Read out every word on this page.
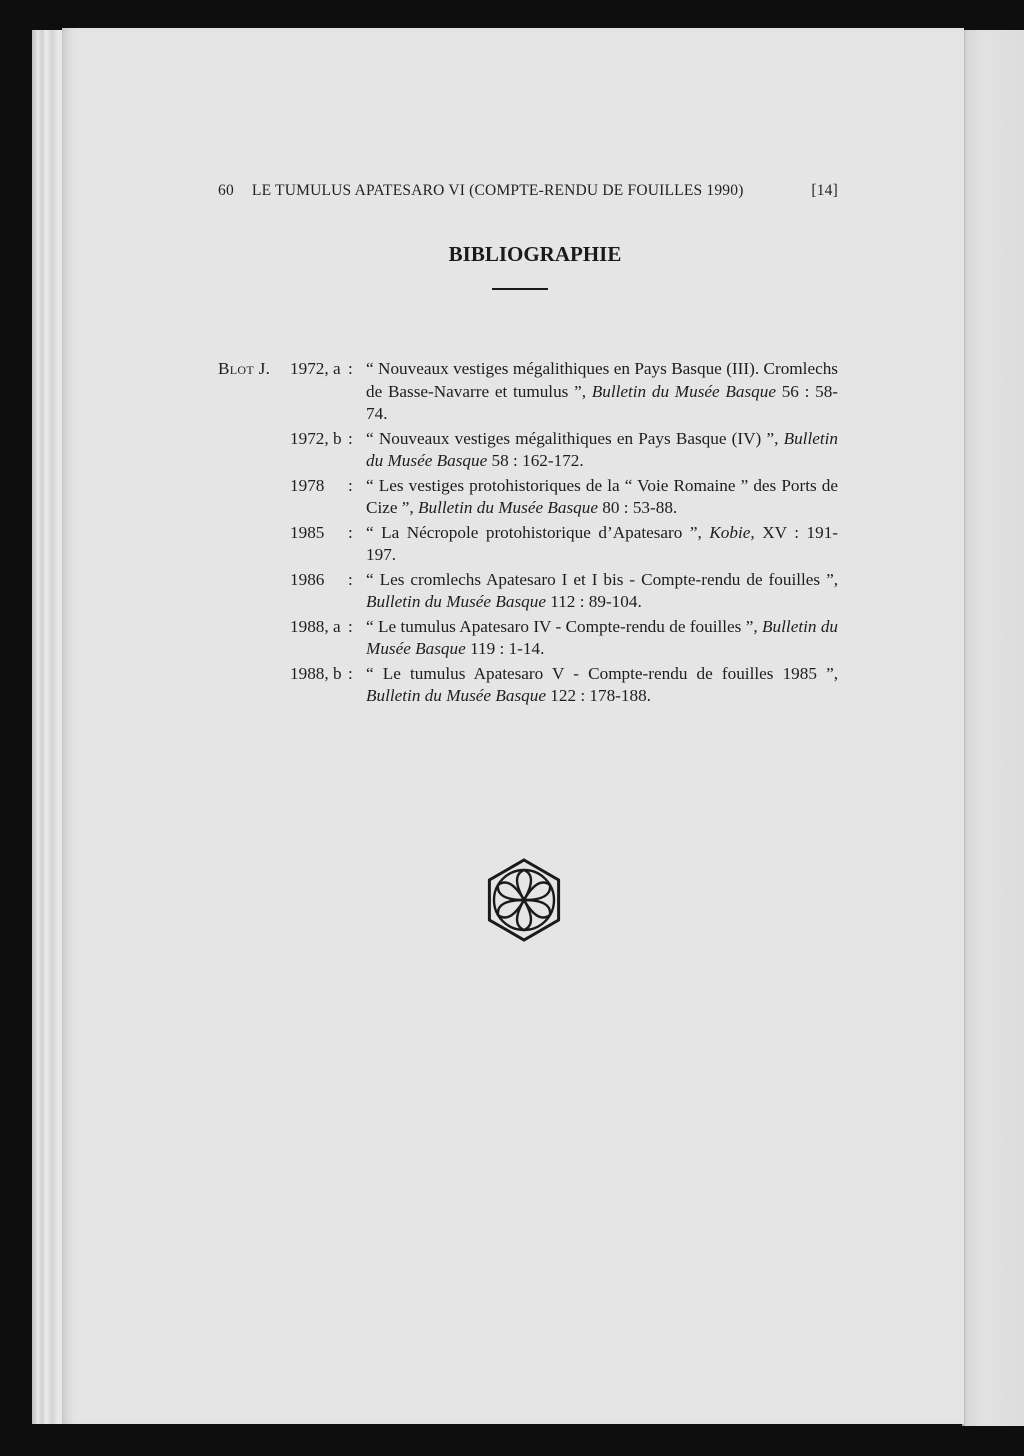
60 LE TUMULUS APATESARO VI (COMPTE-RENDU DE FOUILLES 1990)	[14]
BIBLIOGRAPHIE
Blot J.	1972, a : “ Nouveaux vestiges mégalithiques en Pays Basque (III). Cromlechs de Basse-Navarre et tumulus ”, Bulletin du Musée Basque 56 : 58-74.
1972, b : “ Nouveaux vestiges mégalithiques en Pays Basque (IV) ”, Bulletin du Musée Basque 58 : 162-172.
1978	: “ Les vestiges protohistoriques de la “ Voie Romaine ” des Ports de Cize ”, Bulletin du Musée Basque 80 : 53-88.
1985	: “ La Nécropole protohistorique d’Apatesaro ”, Kobie, XV : 191-197.
1986	: “ Les cromlechs Apatesaro I et I bis - Compte-rendu de fouilles ”, Bulletin du Musée Basque 112 : 89-104.
1988, a : “ Le tumulus Apatesaro IV - Compte-rendu de fouilles ”, Bulletin du Musée Basque 119 : 1-14.
1988, b : “ Le tumulus Apatesaro V - Compte-rendu de fouilles 1985 ”, Bulletin du Musée Basque 122 : 178-188.
